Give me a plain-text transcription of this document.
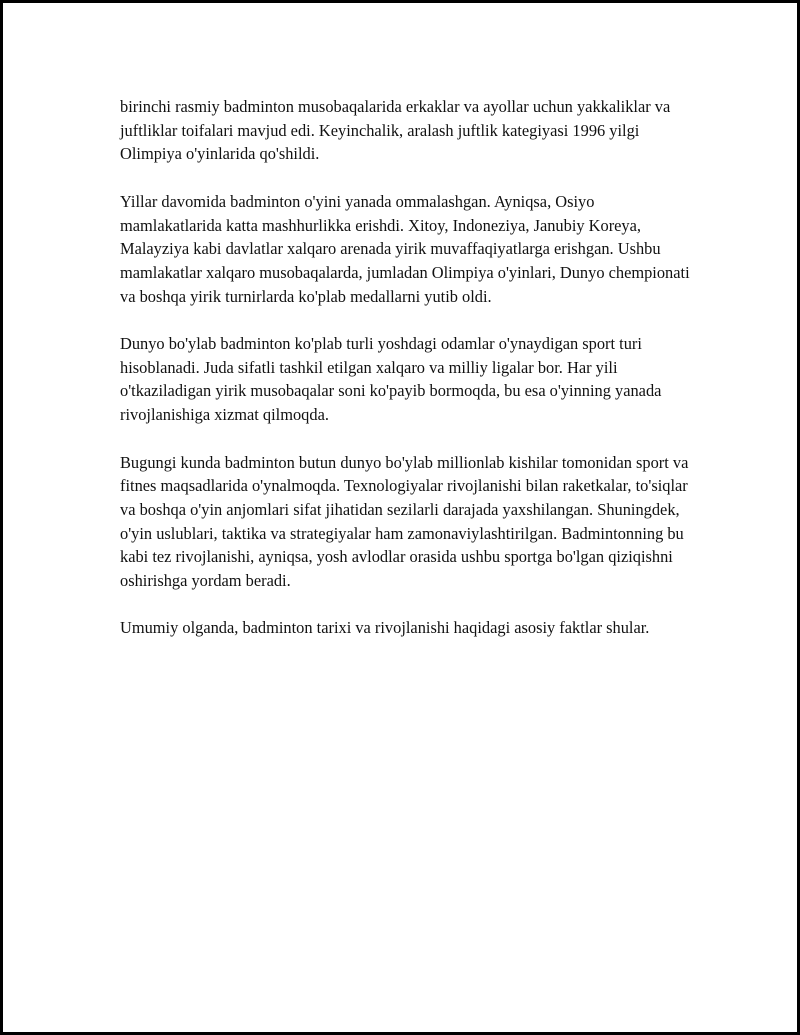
birinchi rasmiy badminton musobaqalarida erkaklar va ayollar uchun yakkaliklar va juftliklar toifalari mavjud edi. Keyinchalik, aralash juftlik kategiyasi 1996 yilgi Olimpiya o'yinlarida qo'shildi.

Yillar davomida badminton o'yini yanada ommalashgan. Ayniqsa, Osiyo mamlakatlarida katta mashhurlikka erishdi. Xitoy, Indoneziya, Janubiy Koreya, Malayziya kabi davlatlar xalqaro arenada yirik muvaffaqiyatlarga erishgan. Ushbu mamlakatlar xalqaro musobaqalarda, jumladan Olimpiya o'yinlari, Dunyo chempionati va boshqa yirik turnirlarda ko'plab medallarni yutib oldi.

Dunyo bo'ylab badminton ko'plab turli yoshdagi odamlar o'ynaydigan sport turi hisoblanadi. Juda sifatli tashkil etilgan xalqaro va milliy ligalar bor. Har yili o'tkaziladigan yirik musobaqalar soni ko'payib bormoqda, bu esa o'yinning yanada rivojlanishiga xizmat qilmoqda.

Bugungi kunda badminton butun dunyo bo'ylab millionlab kishilar tomonidan sport va fitnes maqsadlarida o'ynalmoqda. Texnologiyalar rivojlanishi bilan raketkalar, to'siqlar va boshqa o'yin anjomlari sifat jihatidan sezilarli darajada yaxshilangan. Shuningdek, o'yin uslublari, taktika va strategiyalar ham zamonaviylashtirilgan. Badmintonning bu kabi tez rivojlanishi, ayniqsa, yosh avlodlar orasida ushbu sportga bo'lgan qiziqishni oshirishga yordam beradi.

Umumiy olganda, badminton tarixi va rivojlanishi haqidagi asosiy faktlar shular.
